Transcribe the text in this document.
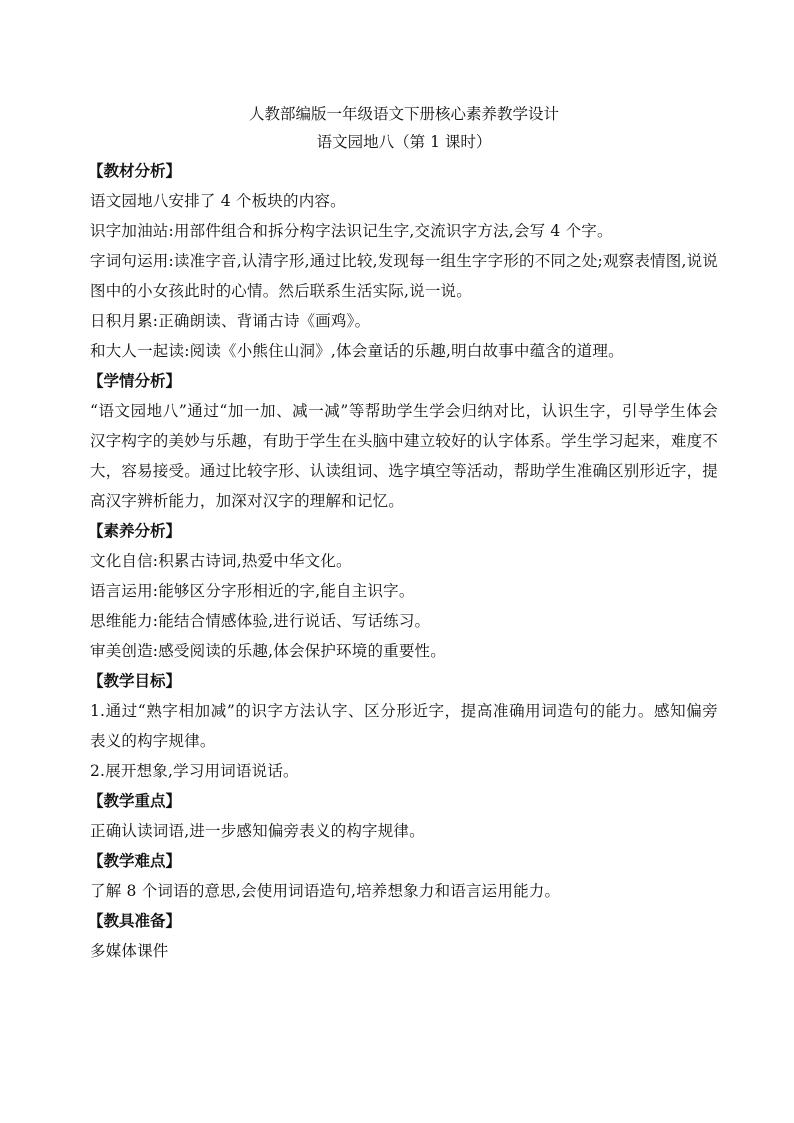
人教部编版一年级语文下册核心素养教学设计
语文园地八（第 1 课时）

【教材分析】

语文园地八安排了 4 个板块的内容。

识字加油站:用部件组合和拆分构字法识记生字,交流识字方法,会写 4 个字。

字词句运用:读准字音,认清字形,通过比较,发现每一组生字字形的不同之处;观察表情图,说说图中的小女孩此时的心情。然后联系生活实际,说一说。

日积月累:正确朗读、背诵古诗《画鸡》。

和大人一起读:阅读《小熊住山洞》,体会童话的乐趣,明白故事中蕴含的道理。

【学情分析】

“语文园地八”通过“加一加、减一减”等帮助学生学会归纳对比，认识生字，引导学生体会汉字构字的美妙与乐趣，有助于学生在头脑中建立较好的认字体系。学生学习起来，难度不大，容易接受。通过比较字形、认读组词、选字填空等活动，帮助学生准确区别形近字，提高汉字辨析能力，加深对汉字的理解和记忆。

【素养分析】

文化自信:积累古诗词,热爱中华文化。

语言运用:能够区分字形相近的字,能自主识字。

思维能力:能结合情感体验,进行说话、写话练习。

审美创造:感受阅读的乐趣,体会保护环境的重要性。

【教学目标】

1.通过“熟字相加减”的识字方法认字、区分形近字，提高准确用词造句的能力。感知偏旁表义的构字规律。

2.展开想象,学习用词语说话。

【教学重点】

正确认读词语,进一步感知偏旁表义的构字规律。

【教学难点】

了解 8 个词语的意思,会使用词语造句,培养想象力和语言运用能力。

【教具准备】

多媒体课件
